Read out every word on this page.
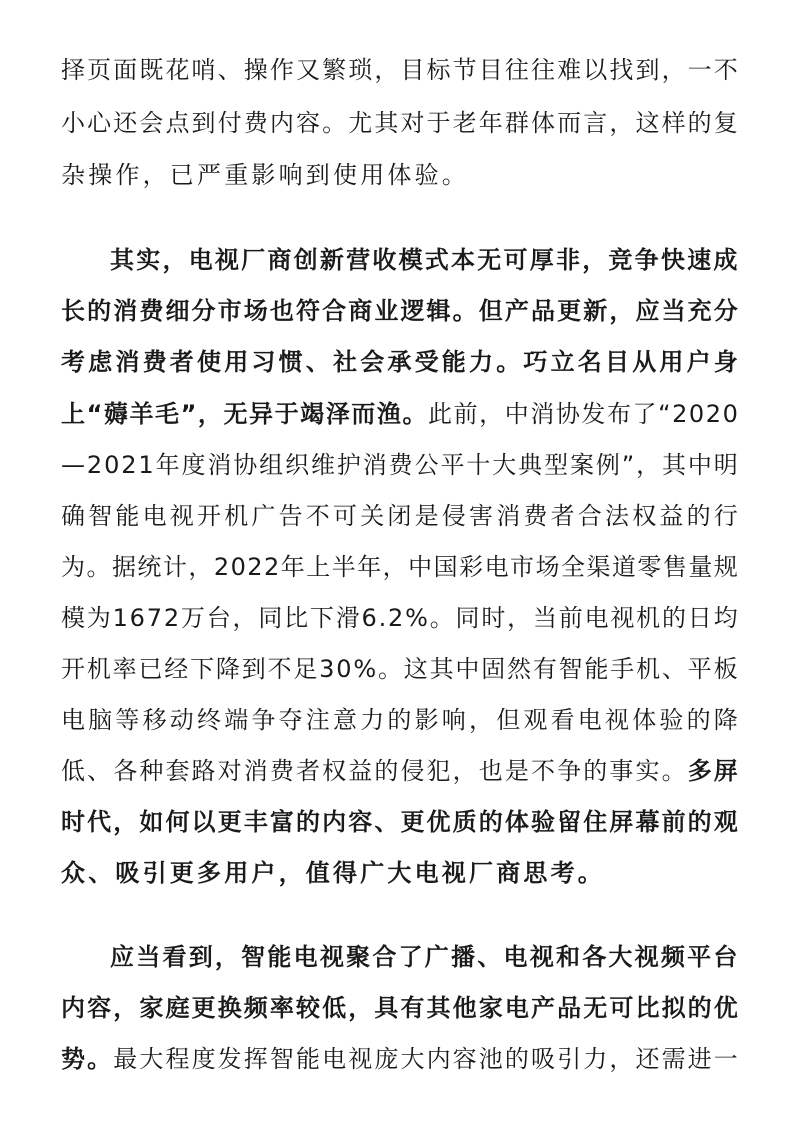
择页面既花哨、操作又繁琐，目标节目往往难以找到，一不
小心还会点到付费内容。尤其对于老年群体而言，这样的复
杂操作，已严重影响到使用体验。
其实，电视厂商创新营收模式本无可厚非，竞争快速成
长的消费细分市场也符合商业逻辑。但产品更新，应当充分
考虑消费者使用习惯、社会承受能力。巧立名目从用户身
上“薅羊毛”，无异于竭泽而渔。此前，中消协发布了“2020
—2021年度消协组织维护消费公平十大典型案例”，其中明
确智能电视开机广告不可关闭是侵害消费者合法权益的行
为。据统计，2022年上半年，中国彩电市场全渠道零售量规
模为1672万台，同比下滑6.2%。同时，当前电视机的日均
开机率已经下降到不足30%。这其中固然有智能手机、平板
电脑等移动终端争夺注意力的影响，但观看电视体验的降
低、各种套路对消费者权益的侵犯，也是不争的事实。多屏
时代，如何以更丰富的内容、更优质的体验留住屏幕前的观
众、吸引更多用户，值得广大电视厂商思考。
应当看到，智能电视聚合了广播、电视和各大视频平台
内容，家庭更换频率较低，具有其他家电产品无可比拟的优
势。最大程度发挥智能电视庞大内容池的吸引力，还需进一
